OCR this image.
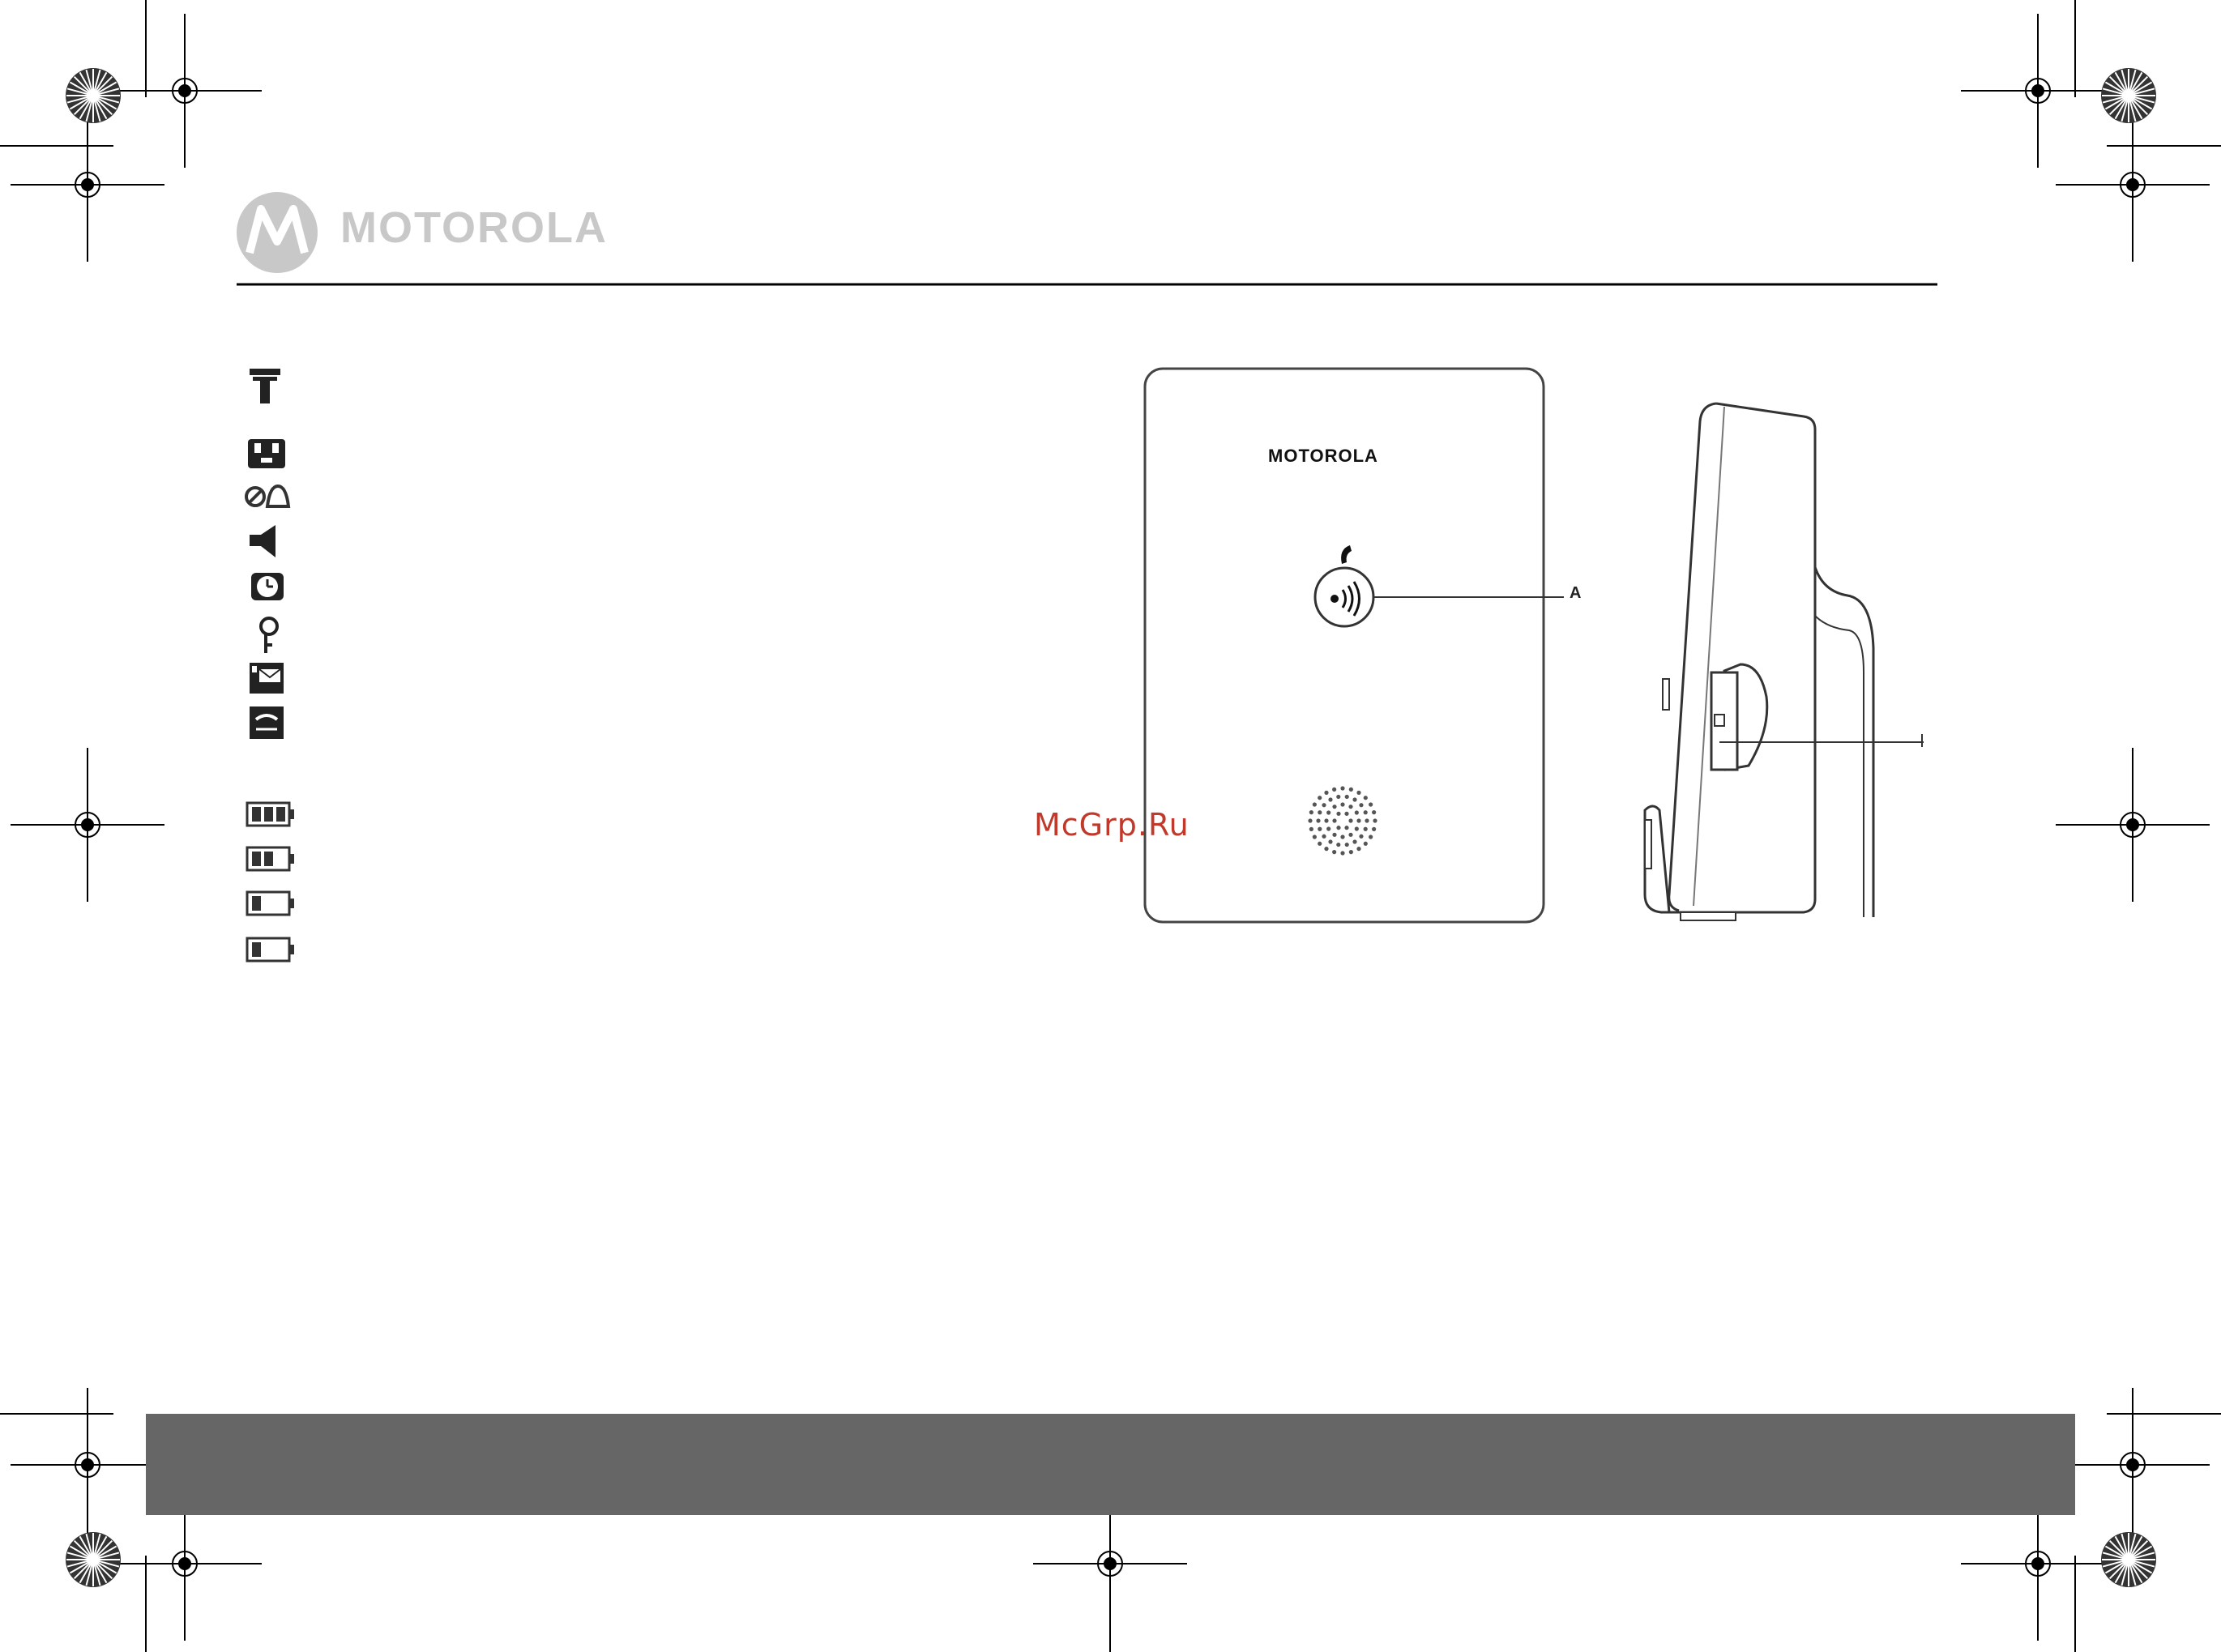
MOTOROLA
MOTOROLA
A
McGrp.Ru
